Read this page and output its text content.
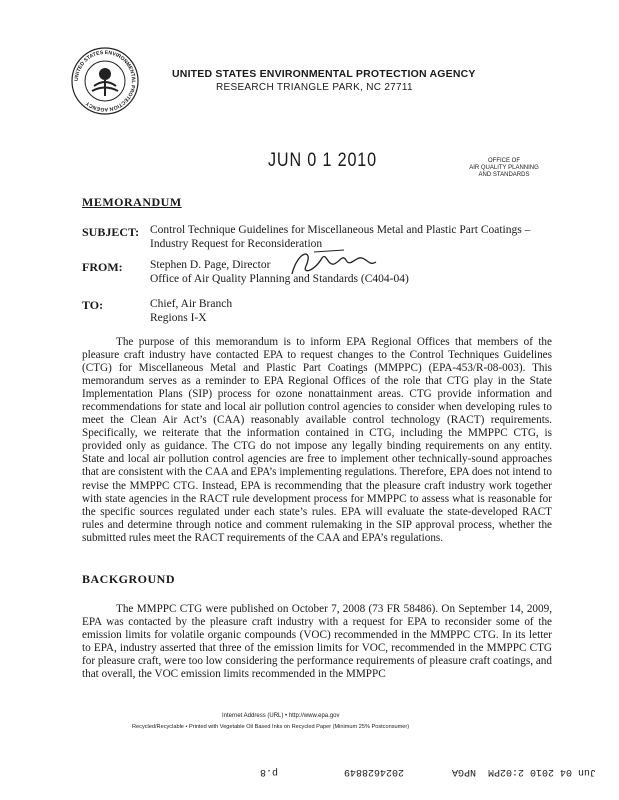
UNITED STATES ENVIRONMENTAL PROTECTION AGENCY
UNITED STATES ENVIRONMENTAL PROTECTION AGENCY
RESEARCH TRIANGLE PARK, NC 27711
JUN 0 1 2010	OFFICE OF
AIR QUALITY PLANNING
AND STANDARDS
MEMORANDUM
SUBJECT: Control Technique Guidelines for Miscellaneous Metal and Plastic Part Coatings –
Industry Request for Reconsideration
FROM: Stephen D. Page, Director
Office of Air Quality Planning and Standards (C404-04)
TO:	Chief, Air Branch
Regions I-X

The purpose of this memorandum is to inform EPA Regional Offices that members of the pleasure craft industry have contacted EPA to request changes to the Control Techniques Guidelines (CTG) for Miscellaneous Metal and Plastic Part Coatings (MMPPC) (EPA-453/R-08-003). This memorandum serves as a reminder to EPA Regional Offices of the role that CTG play in the State Implementation Plans (SIP) process for ozone nonattainment areas. CTG provide information and recommendations for state and local air pollution control agencies to consider when developing rules to meet the Clean Air Act’s (CAA) reasonably available control technology (RACT) requirements. Specifically, we reiterate that the information contained in CTG, including the MMPPC CTG, is provided only as guidance. The CTG do not impose any legally binding requirements on any entity. State and local air pollution control agencies are free to implement other technically-sound approaches that are consistent with the CAA and EPA’s implementing regulations. Therefore, EPA does not intend to revise the MMPPC CTG. Instead, EPA is recommending that the pleasure craft industry work together with state agencies in the RACT rule development process for MMPPC to assess what is reasonable for the specific sources regulated under each state’s rules. EPA will evaluate the state-developed RACT rules and determine through notice and comment rulemaking in the SIP approval process, whether the submitted rules meet the RACT requirements of the CAA and EPA’s regulations.

BACKGROUND

The MMPPC CTG were published on October 7, 2008 (73 FR 58486). On September 14, 2009, EPA was contacted by the pleasure craft industry with a request for EPA to reconsider some of the emission limits for volatile organic compounds (VOC) recommended in the MMPPC CTG. In its letter to EPA, industry asserted that three of the emission limits for VOC, recommended in the MMPPC CTG for pleasure craft, were too low considering the performance requirements of pleasure craft coatings, and that overall, the VOC emission limits recommended in the MMPPC

Internet Address (URL) • http://www.epa.gov
Recycled/Recyclable • Printed with Vegetable Oil Based Inks on Recycled Paper (Minimum 25% Postconsumer)
Jun 04 2010 2:02PM  NPGA        2024628849           p.8
